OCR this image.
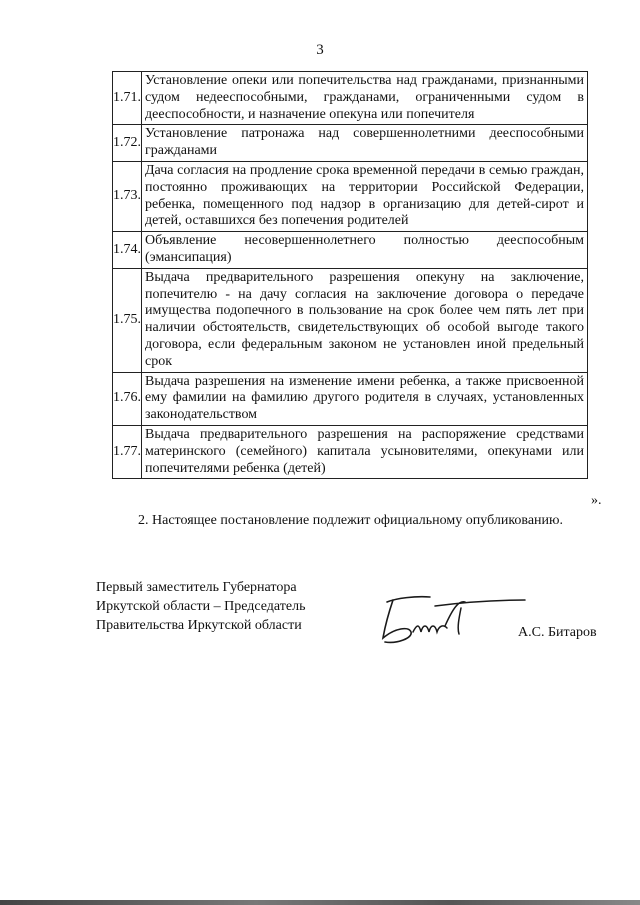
3
1.71.	Установление опеки или попечительства над гражданами, признанными судом недееспособными, гражданами, ограниченными судом в дееспособности, и назначение опекуна или попечителя
1.72.	Установление патронажа над совершеннолетними дееспособными гражданами
1.73.	Дача согласия на продление срока временной передачи в семью граждан, постоянно проживающих на территории Российской Федерации, ребенка, помещенного под надзор в организацию для детей-сирот и детей, оставшихся без попечения родителей
1.74.	Объявление несовершеннолетнего полностью дееспособным (эмансипация)
1.75.	Выдача предварительного разрешения опекуну на заключение, попечителю - на дачу согласия на заключение договора о передаче имущества подопечного в пользование на срок более чем пять лет при наличии обстоятельств, свидетельствующих об особой выгоде такого договора, если федеральным законом не установлен иной предельный срок
1.76.	Выдача разрешения на изменение имени ребенка, а также присвоенной ему фамилии на фамилию другого родителя в случаях, установленных законодательством
1.77.	Выдача предварительного разрешения на распоряжение средствами материнского (семейного) капитала усыновителями, опекунами или попечителями ребенка (детей)
».
2. Настоящее постановление подлежит официальному опубликованию.
Первый заместитель Губернатора
Иркутской области – Председатель
Правительства Иркутской области	А.С. Битаров
